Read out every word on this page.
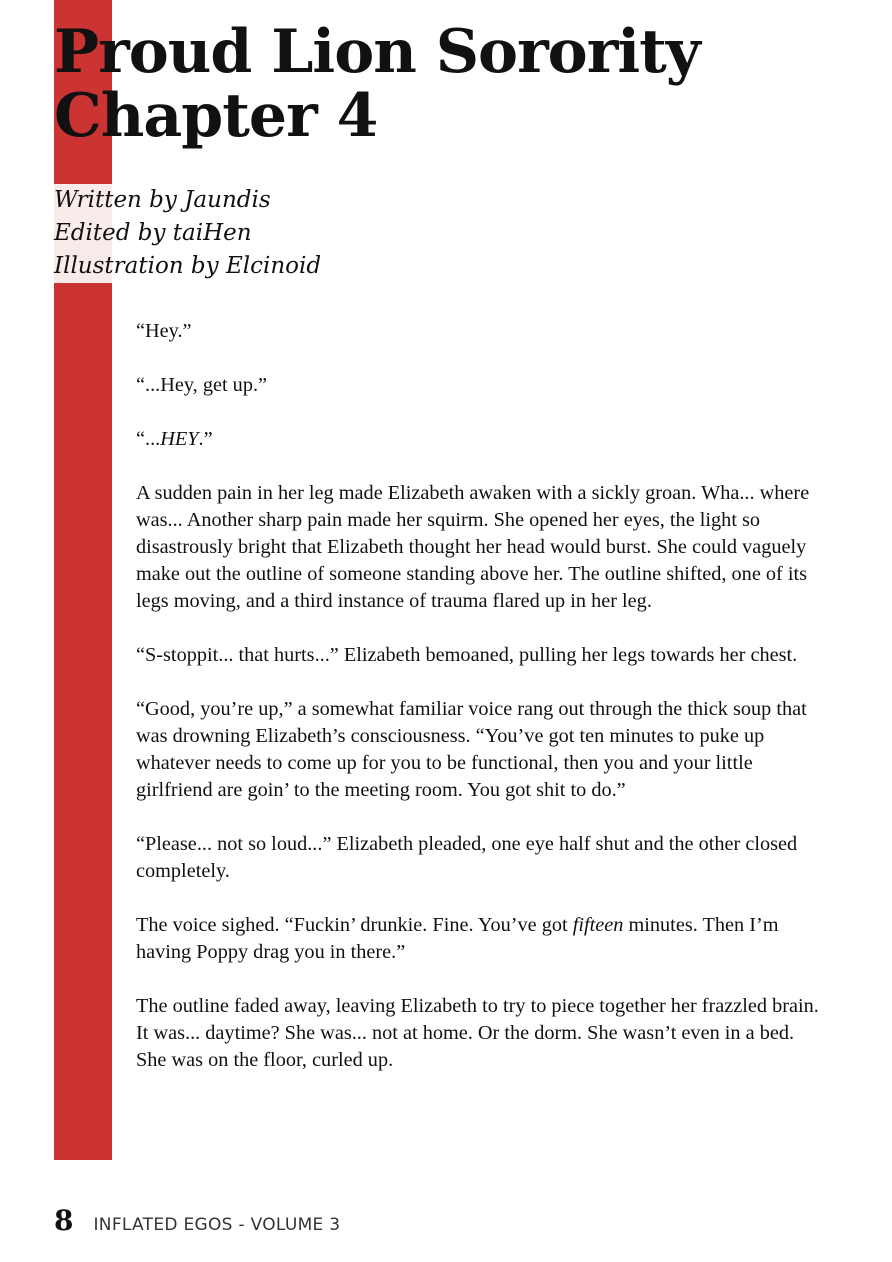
Proud Lion Sorority
Chapter 4
Written by Jaundis
Edited by taiHen
Illustration by Elcinoid

“Hey.”

“...Hey, get up.”

“...HEY.”

A sudden pain in her leg made Elizabeth awaken with a sickly groan. Wha... where was... Another sharp pain made her squirm. She opened her eyes, the light so disastrously bright that Elizabeth thought her head would burst. She could vaguely make out the outline of someone standing above her. The outline shifted, one of its legs moving, and a third instance of trauma flared up in her leg.

“S-stoppit... that hurts...” Elizabeth bemoaned, pulling her legs towards her chest.

“Good, you’re up,” a somewhat familiar voice rang out through the thick soup that was drowning Elizabeth’s consciousness. “You’ve got ten minutes to puke up whatever needs to come up for you to be functional, then you and your little girlfriend are goin’ to the meeting room. You got shit to do.”

“Please... not so loud...” Elizabeth pleaded, one eye half shut and the other closed completely.

The voice sighed. “Fuckin’ drunkie. Fine. You’ve got fifteen minutes. Then I’m having Poppy drag you in there.”

The outline faded away, leaving Elizabeth to try to piece together her frazzled brain. It was... daytime? She was... not at home. Or the dorm. She wasn’t even in a bed. She was on the floor, curled up.

8 INFLATED EGOS - VOLUME 3
